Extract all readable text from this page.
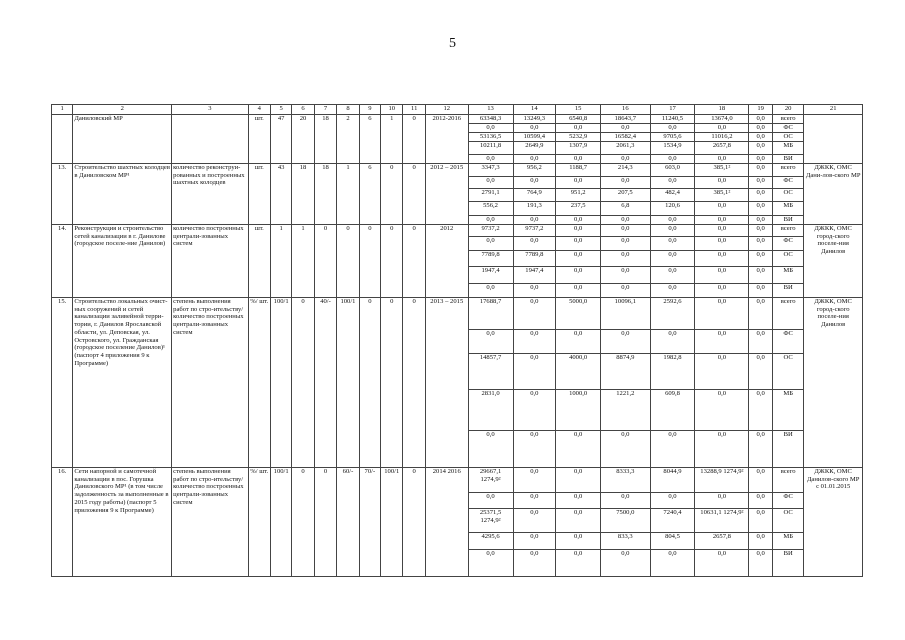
5
1	2	3	4	5	6	7	8	9	10	11	12	13	14	15	16	17	18	19	20	21
	Даниловский МР		шт.	47	20	18	2	6	1	0	2012-2016	63348,3	13249,3	6540,8	18643,7	11240,5	13674,0	0,0	всего	
												0,0	0,0	0,0	0,0	0,0	0,0	0,0	ФС	
												53136,5	10599,4	5232,9	16582,4	9705,6	11016,2	0,0	ОС	
												10211,8	2649,9	1307,9	2061,3	1534,9	2657,8	0,0	МБ	
												0,0	0,0	0,0	0,0	0,0	0,0	0,0	ВИ	
13.	Строительство шахтных колодцев в Даниловском МР¹	количество реконструи-рованных и построенных шахтных колодцев	шт.	43	18	18	1	6	0	0	2012 – 2015	3347,3	956,2	1188,7	214,3	603,0	385,1²	0,0	всего	ДЖКК, ОМС Дани-лов-ского МР
												0,0	0,0	0,0	0,0	0,0	0,0	0,0	ФС	
												2791,1	764,9	951,2	207,5	482,4	385,1²	0,0	ОС	
												556,2	191,3	237,5	6,8	120,6	0,0	0,0	МБ	
												0,0	0,0	0,0	0,0	0,0	0,0	0,0	ВИ	
14.	Реконструкция и строительство сетей канализации в г. Данилове (городское поселе-ние Данилов)	количество построенных централи-зованных систем	шт.	1	1	0	0	0	0	0	2012	9737,2	9737,2	0,0	0,0	0,0	0,0	0,0	всего	ДЖКК, ОМС город-ского поселе-ния Данилов
												0,0	0,0	0,0	0,0	0,0	0,0	0,0	ФС	
												7789,8	7789,8	0,0	0,0	0,0	0,0	0,0	ОС	
												1947,4	1947,4	0,0	0,0	0,0	0,0	0,0	МБ	
												0,0	0,0	0,0	0,0	0,0	0,0	0,0	ВИ	
15.	Строительство локальных очист-ных сооружений и сетей канализации заливейной терри-тории, г. Данилов Ярославской области, ул. Деповская, ул. Островского, ул. Гражданская (городское поселение Данилов)¹ (паспорт 4 приложения 9 к Программе)	степень выполнения работ по стро-ительству/ количество построенных централи-зованных систем	%/ шт.	100/1	0	40/-	100/1	0	0	0	2013 – 2015	17688,7	0,0	5000,0	10096,1	2592,6	0,0	0,0	всего	ДЖКК, ОМС город-ского поселе-ния Данилов
												0,0	0,0	0,0	0,0	0,0	0,0	0,0	ФС	
												14857,7	0,0	4000,0	8874,9	1982,8	0,0	0,0	ОС	
												2831,0	0,0	1000,0	1221,2	609,8	0,0	0,0	МБ	
												0,0	0,0	0,0	0,0	0,0	0,0	0,0	ВИ	
16.	Сети напорной и самотечной канализации в пос. Горушка Даниловского МР¹ (в том числе задолженность за выполненные в 2015 году работы) (паспорт 5 приложения 9 к Программе)	степень выполнения работ по стро-ительству/ количество построенных централи-зованных систем	%/ шт.	100/1	0	0	60/-	70/-	100/1	0	2014 2016	29667,1 1274,9²	0,0	0,0	8333,3	8044,9	13288,9 1274,9²	0,0	всего	ДЖКК, ОМС Данилов-ского МР с 01.01.2015
												0,0	0,0	0,0	0,0	0,0	0,0	0,0	ФС	
												25371,5 1274,9²	0,0	0,0	7500,0	7240,4	10631,1 1274,9²	0,0	ОС	
												4295,6	0,0	0,0	833,3	804,5	2657,8	0,0	МБ	
												0,0	0,0	0,0	0,0	0,0	0,0	0,0	ВИ	
